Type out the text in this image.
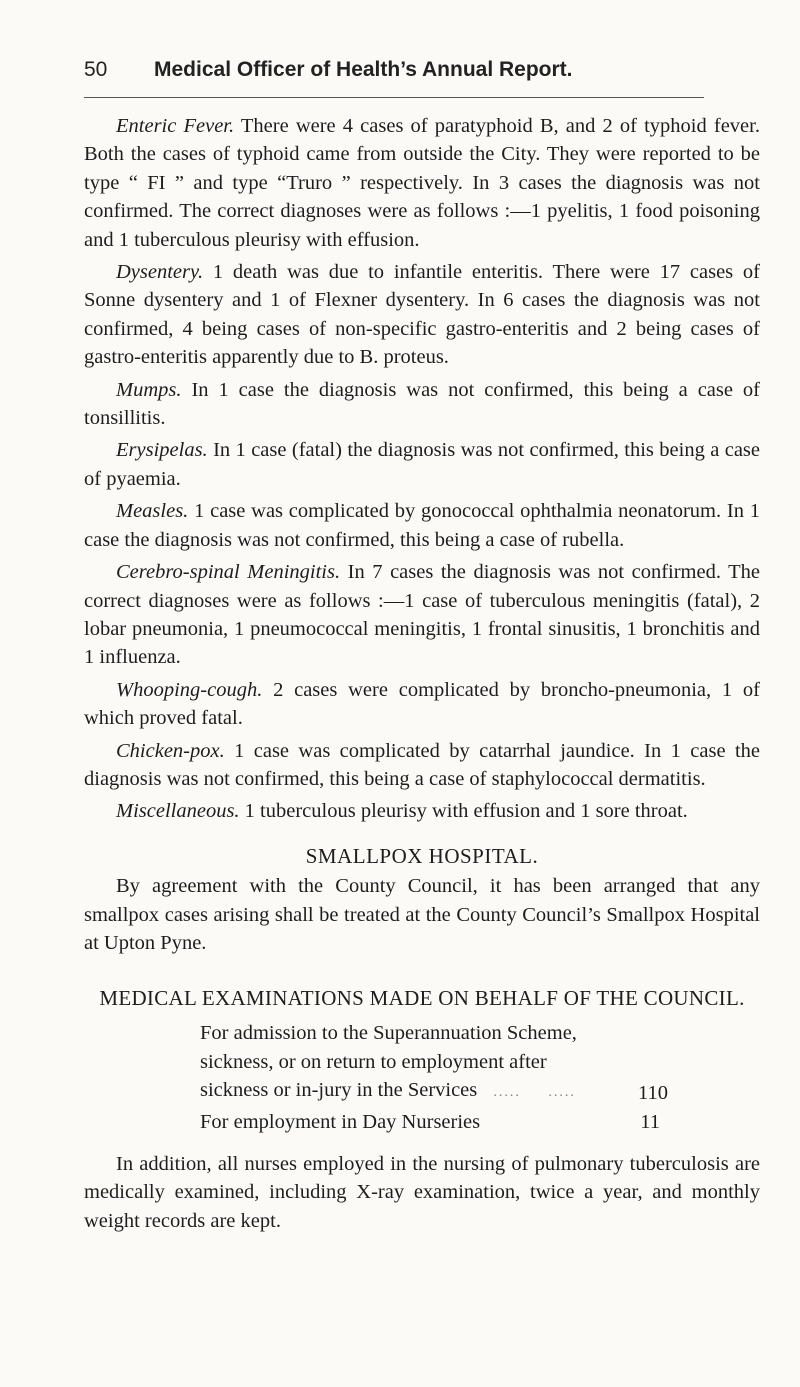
50	Medical Officer of Health’s Annual Report.

Enteric Fever. There were 4 cases of paratyphoid B, and 2 of typhoid fever. Both the cases of typhoid came from outside the City. They were reported to be type “ FI ” and type “Truro ” respectively. In 3 cases the diagnosis was not confirmed. The correct diagnoses were as follows :—1 pyelitis, 1 food poisoning and 1 tuberculous pleurisy with effusion.

Dysentery. 1 death was due to infantile enteritis. There were 17 cases of Sonne dysentery and 1 of Flexner dysentery. In 6 cases the diagnosis was not confirmed, 4 being cases of non-specific gastro-enteritis and 2 being cases of gastro-enteritis apparently due to B. proteus.

Mumps. In 1 case the diagnosis was not confirmed, this being a case of tonsillitis.

Erysipelas. In 1 case (fatal) the diagnosis was not confirmed, this being a case of pyaemia.

Measles. 1 case was complicated by gonococcal ophthalmia neonatorum. In 1 case the diagnosis was not confirmed, this being a case of rubella.

Cerebro-spinal Meningitis. In 7 cases the diagnosis was not confirmed. The correct diagnoses were as follows :—1 case of tuberculous meningitis (fatal), 2 lobar pneumonia, 1 pneumococcal meningitis, 1 frontal sinusitis, 1 bronchitis and 1 influenza.

Whooping-cough. 2 cases were complicated by broncho-pneumonia, 1 of which proved fatal.

Chicken-pox. 1 case was complicated by catarrhal jaundice. In 1 case the diagnosis was not confirmed, this being a case of staphylococcal dermatitis.

Miscellaneous. 1 tuberculous pleurisy with effusion and 1 sore throat.

SMALLPOX HOSPITAL.

By agreement with the County Council, it has been arranged that any smallpox cases arising shall be treated at the County Council’s Smallpox Hospital at Upton Pyne.

MEDICAL EXAMINATIONS MADE ON BEHALF OF THE COUNCIL.
For admission to the Superannuation Scheme, sickness, or on return to employment after sickness or in-jury in the Services   .....     .....	110
For employment in Day Nurseries	11

In addition, all nurses employed in the nursing of pulmonary tuberculosis are medically examined, including X-ray examination, twice a year, and monthly weight records are kept.
